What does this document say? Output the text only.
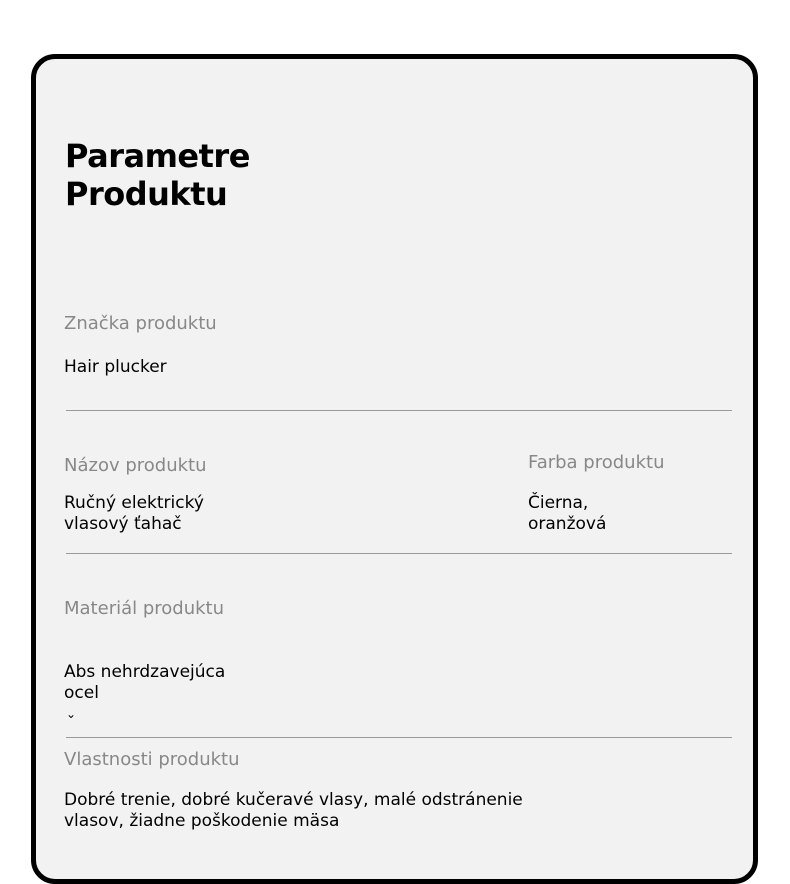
Parametre
Produktu
Značka produktu
Hair plucker
Názov produktu
Ručný elektrický
vlasový ťahač
Farba produktu
Čierna,
oranžová
Materiál produktu
Abs nehrdzavejúca
ocel
⌄
Vlastnosti produktu
Dobré trenie, dobré kučeravé vlasy, malé odstránenie
vlasov, žiadne poškodenie mäsa
